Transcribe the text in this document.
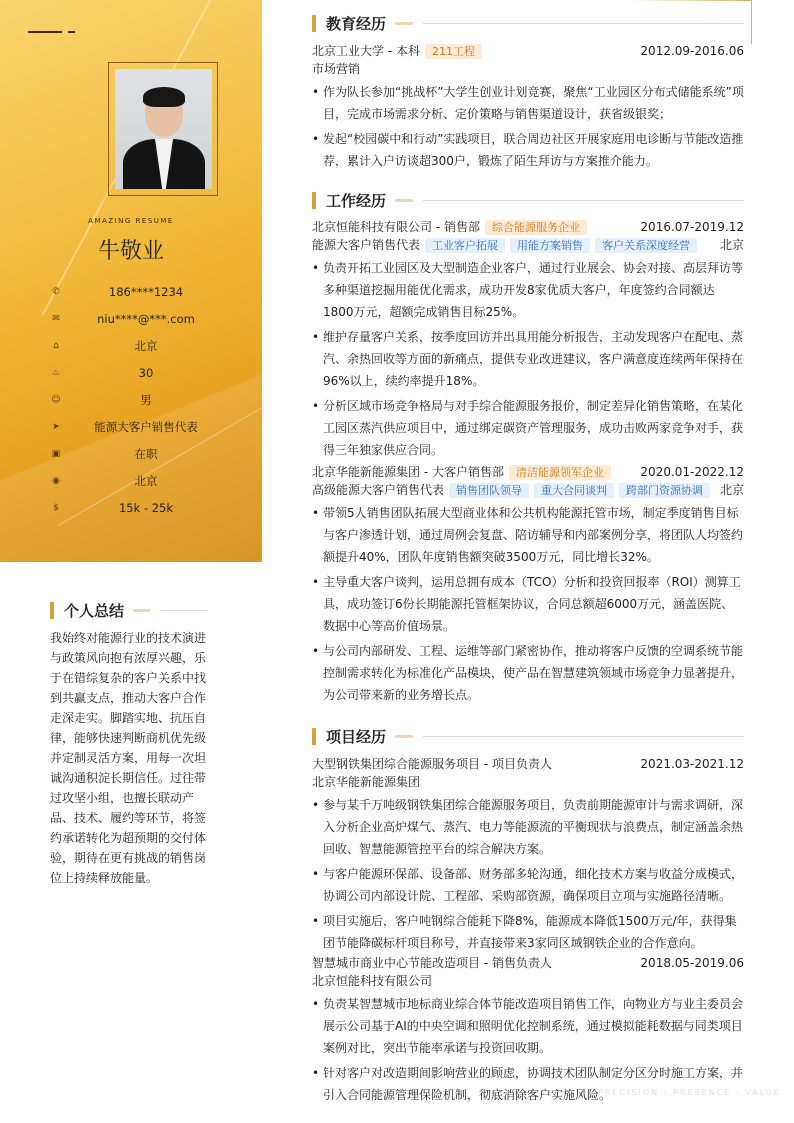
AMAZING RESUME
牛敬业
✆	186****1234
✉	niu****@***.com
⌂	北京
♨	30
☺	男
➤	能源大客户销售代表
▣	在职
◉	北京
$	15k - 25k
个人总结
我始终对能源行业的技术演进与政策风向抱有浓厚兴趣，乐于在错综复杂的客户关系中找到共赢支点，推动大客户合作走深走实。脚踏实地、抗压自律，能够快速判断商机优先级并定制灵活方案，用每一次坦诚沟通积淀长期信任。过往带过攻坚小组，也擅长联动产品、技术、履约等环节，将签约承诺转化为超预期的交付体验，期待在更有挑战的销售岗位上持续释放能量。
教育经历
北京工业大学 - 本科	211工程	2012.09-2016.06
市场营销
• 作为队长参加“挑战杯”大学生创业计划竞赛，聚焦“工业园区分布式储能系统”项目，完成市场需求分析、定价策略与销售渠道设计，获省级银奖；
• 发起“校园碳中和行动”实践项目，联合周边社区开展家庭用电诊断与节能改造推荐，累计入户访谈超300户，锻炼了陌生拜访与方案推介能力。
工作经历
北京恒能科技有限公司 - 销售部	综合能源服务企业	2016.07-2019.12
能源大客户销售代表	工业客户拓展	用能方案销售	客户关系深度经营	北京
• 负责开拓工业园区及大型制造企业客户，通过行业展会、协会对接、高层拜访等多种渠道挖掘用能优化需求，成功开发8家优质大客户，年度签约合同额达1800万元，超额完成销售目标25%。
• 维护存量客户关系，按季度回访并出具用能分析报告，主动发现客户在配电、蒸汽、余热回收等方面的新痛点，提供专业改进建议，客户满意度连续两年保持在96%以上，续约率提升18%。
• 分析区域市场竞争格局与对手综合能源服务报价，制定差异化销售策略，在某化工园区蒸汽供应项目中，通过绑定碳资产管理服务，成功击败两家竞争对手，获得三年独家供应合同。
北京华能新能源集团 - 大客户销售部	清洁能源领军企业	2020.01-2022.12
高级能源大客户销售代表	销售团队领导	重大合同谈判	跨部门资源协调	北京
• 带领5人销售团队拓展大型商业体和公共机构能源托管市场，制定季度销售目标与客户渗透计划，通过周例会复盘、陪访辅导和内部案例分享，将团队人均签约额提升40%，团队年度销售额突破3500万元，同比增长32%。
• 主导重大客户谈判，运用总拥有成本（TCO）分析和投资回报率（ROI）测算工具，成功签订6份长期能源托管框架协议，合同总额超6000万元，涵盖医院、数据中心等高价值场景。
• 与公司内部研发、工程、运维等部门紧密协作，推动将客户反馈的空调系统节能控制需求转化为标准化产品模块，使产品在智慧建筑领域市场竞争力显著提升，为公司带来新的业务增长点。
项目经历
大型钢铁集团综合能源服务项目 - 项目负责人	2021.03-2021.12
北京华能新能源集团
• 参与某千万吨级钢铁集团综合能源服务项目，负责前期能源审计与需求调研，深入分析企业高炉煤气、蒸汽、电力等能源流的平衡现状与浪费点，制定涵盖余热回收、智慧能源管控平台的综合解决方案。
• 与客户能源环保部、设备部、财务部多轮沟通，细化技术方案与收益分成模式，协调公司内部设计院、工程部、采购部资源，确保项目立项与实施路径清晰。
• 项目实施后，客户吨钢综合能耗下降8%，能源成本降低1500万元/年，获得集团节能降碳标杆项目称号，并直接带来3家同区域钢铁企业的合作意向。
智慧城市商业中心节能改造项目 - 销售负责人	2018.05-2019.06
北京恒能科技有限公司
• 负责某智慧城市地标商业综合体节能改造项目销售工作，向物业方与业主委员会展示公司基于AI的中央空调和照明优化控制系统，通过模拟能耗数据与同类项目案例对比，突出节能率承诺与投资回收期。
• 针对客户对改造期间影响营业的顾虑，协调技术团队制定分区分时施工方案，并引入合同能源管理保险机制，彻底消除客户实施风险。
PRECISION - PRESENCE - VALUE
